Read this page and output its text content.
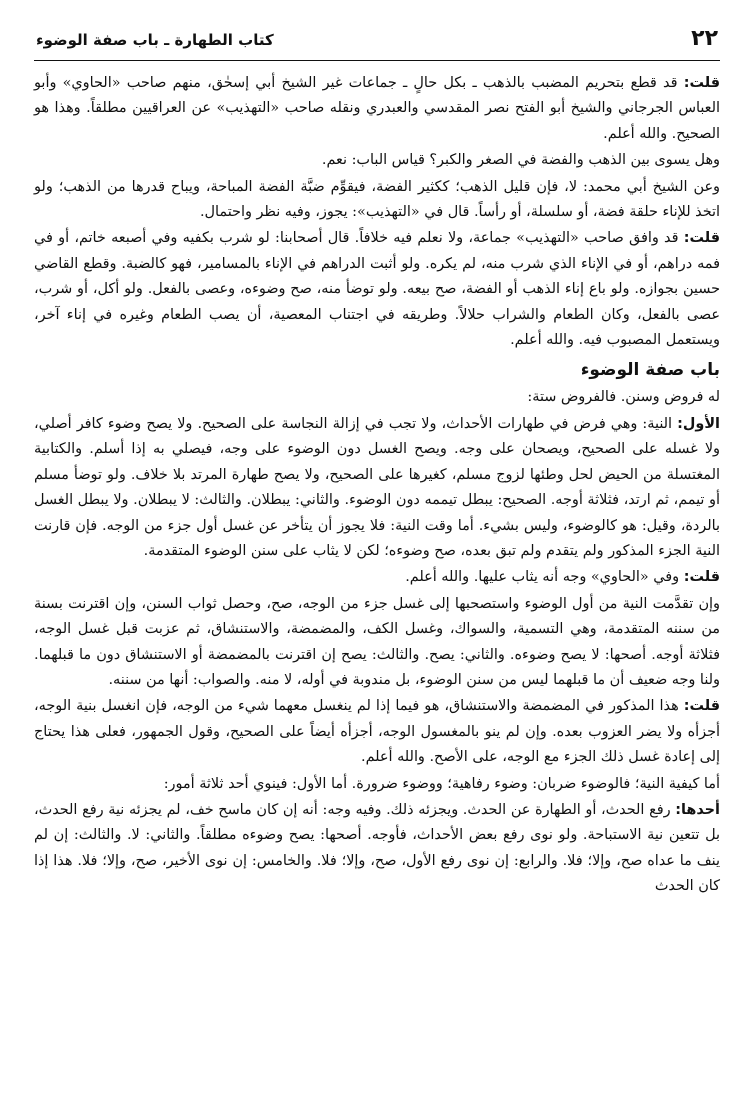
٢٢
كتاب الطهارة ـ باب صفة الوضوء

قلت: قد قطع بتحريم المضبب بالذهب ـ بكل حالٍ ـ جماعات غير الشيخ أبي إسحٰق، منهم صاحب «الحاوي» وأبو العباس الجرجاني والشيخ أبو الفتح نصر المقدسي والعبدري ونقله صاحب «التهذيب» عن العراقيين مطلقاً. وهذا هو الصحيح. والله أعلم.

وهل يسوى بين الذهب والفضة في الصغر والكبر؟ قياس الباب: نعم.

وعن الشيخ أبي محمد: لا، فإن قليل الذهب؛ ككثير الفضة، فيقوِّم ضبَّة الفضة المباحة، ويباح قدرها من الذهب؛ ولو اتخذ للإناء حلقة فضة، أو سلسلة، أو رأساً. قال في «التهذيب»: يجوز، وفيه نظر واحتمال.

قلت: قد وافق صاحب «التهذيب» جماعة، ولا نعلم فيه خلافاً. قال أصحابنا: لو شرب بكفيه وفي أصبعه خاتم، أو في فمه دراهم، أو في الإناء الذي شرب منه، لم يكره. ولو أثبت الدراهم في الإناء بالمسامير، فهو كالضبة. وقطع القاضي حسين بجوازه. ولو باع إناء الذهب أو الفضة، صح بيعه. ولو توضأ منه، صح وضوءه، وعصى بالفعل. ولو أكل، أو شرب، عصى بالفعل، وكان الطعام والشراب حلالاً. وطريقه في اجتناب المعصية، أن يصب الطعام وغيره في إناء آخر، ويستعمل المصبوب فيه. والله أعلم.

باب صفة الوضوء

له فروض وسنن. فالفروض ستة:

الأول: النية: وهي فرض في طهارات الأحداث، ولا تجب في إزالة النجاسة على الصحيح. ولا يصح وضوء كافر أصلي، ولا غسله على الصحيح، ويصحان على وجه. ويصح الغسل دون الوضوء على وجه، فيصلي به إذا أسلم. والكتابية المغتسلة من الحيض لحل وطئها لزوج مسلم، كغيرها على الصحيح، ولا يصح طهارة المرتد بلا خلاف. ولو توضأ مسلم أو تيمم، ثم ارتد، فثلاثة أوجه. الصحيح: يبطل تيممه دون الوضوء. والثاني: يبطلان. والثالث: لا يبطلان. ولا يبطل الغسل بالردة، وقيل: هو كالوضوء، وليس بشيء. أما وقت النية: فلا يجوز أن يتأخر عن غسل أول جزء من الوجه. فإن قارنت النية الجزء المذكور ولم يتقدم ولم تبق بعده، صح وضوءه؛ لكن لا يثاب على سنن الوضوء المتقدمة.

قلت: وفي «الحاوي» وجه أنه يثاب عليها. والله أعلم.

وإن تقدَّمت النية من أول الوضوء واستصحبها إلى غسل جزء من الوجه، صح، وحصل ثواب السنن، وإن اقترنت بسنة من سننه المتقدمة، وهي التسمية، والسواك، وغسل الكف، والمضمضة، والاستنشاق، ثم عزبت قبل غسل الوجه، فثلاثة أوجه. أصحها: لا يصح وضوءه. والثاني: يصح. والثالث: يصح إن اقترنت بالمضمضة أو الاستنشاق دون ما قبلهما. ولنا وجه ضعيف أن ما قبلهما ليس من سنن الوضوء، بل مندوبة في أوله، لا منه. والصواب: أنها من سننه.

قلت: هذا المذكور في المضمضة والاستنشاق، هو فيما إذا لم ينغسل معهما شيء من الوجه، فإن انغسل بنية الوجه، أجزأه ولا يضر العزوب بعده. وإن لم ينو بالمغسول الوجه، أجزأه أيضاً على الصحيح، وقول الجمهور، فعلى هذا يحتاج إلى إعادة غسل ذلك الجزء مع الوجه، على الأصح. والله أعلم.

أما كيفية النية؛ فالوضوء ضربان: وضوء رفاهية؛ ووضوء ضرورة. أما الأول: فينوي أحد ثلاثة أمور:

أحدها: رفع الحدث، أو الطهارة عن الحدث. ويجزئه ذلك. وفيه وجه: أنه إن كان ماسح خف، لم يجزئه نية رفع الحدث، بل تتعين نية الاستباحة. ولو نوى رفع بعض الأحداث، فأوجه. أصحها: يصح وضوءه مطلقاً. والثاني: لا. والثالث: إن لم ينف ما عداه صح، وإلا؛ فلا. والرابع: إن نوى رفع الأول، صح، وإلا؛ فلا. والخامس: إن نوى الأخير، صح، وإلا؛ فلا. هذا إذا كان الحدث
